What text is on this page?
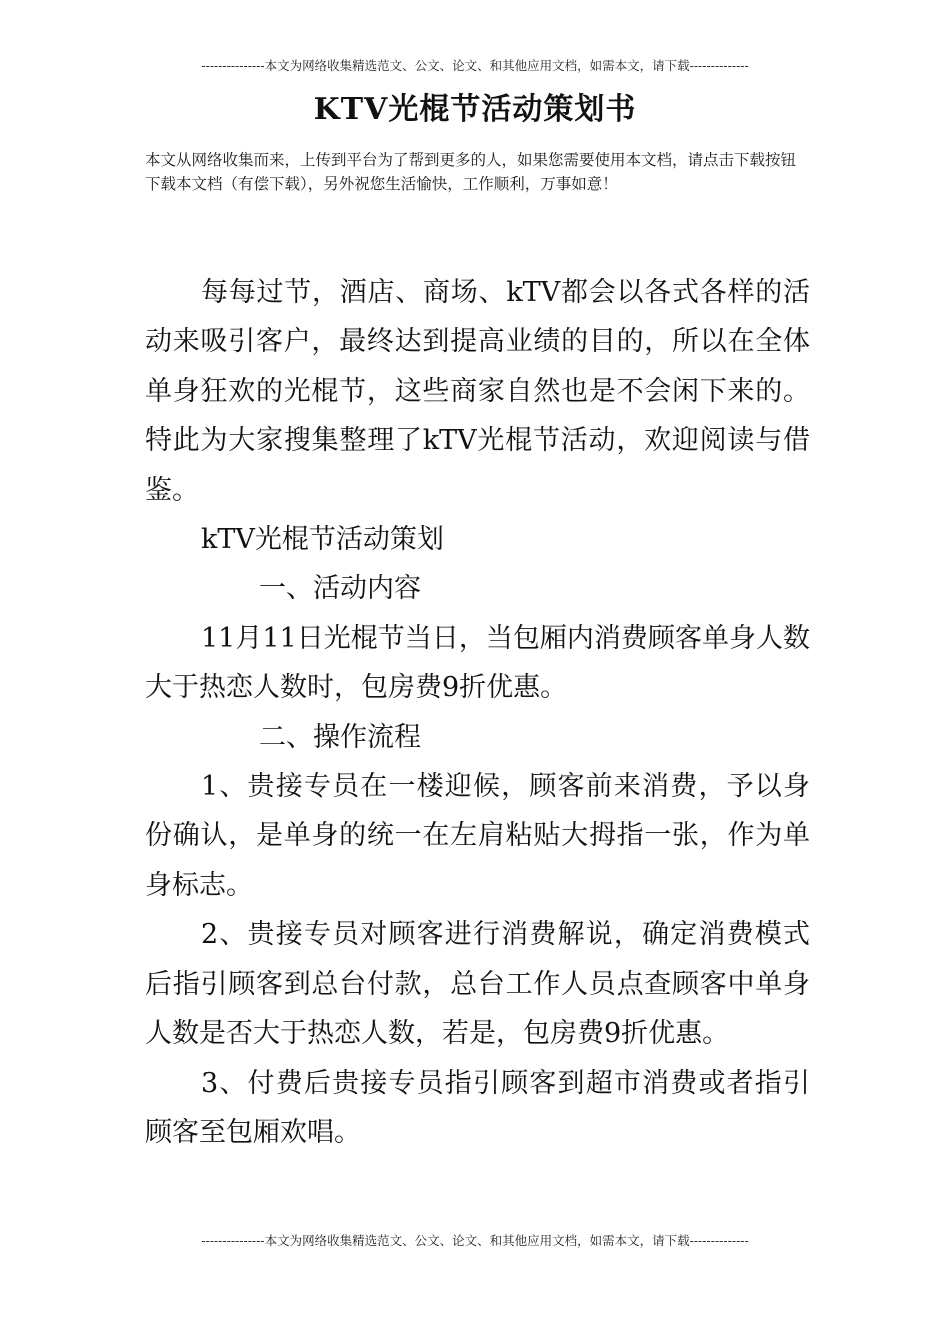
---------------本文为网络收集精选范文、公文、论文、和其他应用文档，如需本文，请下载--------------
KTV光棍节活动策划书
本文从网络收集而来，上传到平台为了帮到更多的人，如果您需要使用本文档，请点击下载按钮下载本文档（有偿下载），另外祝您生活愉快，工作顺利，万事如意！

每每过节，酒店、商场、kTV都会以各式各样的活动来吸引客户，最终达到提高业绩的目的，所以在全体单身狂欢的光棍节，这些商家自然也是不会闲下来的。特此为大家搜集整理了kTV光棍节活动，欢迎阅读与借鉴。

kTV光棍节活动策划

一、活动内容

11月11日光棍节当日，当包厢内消费顾客单身人数大于热恋人数时，包房费9折优惠。

二、操作流程

1、贵接专员在一楼迎候，顾客前来消费，予以身份确认，是单身的统一在左肩粘贴大拇指一张，作为单身标志。

2、贵接专员对顾客进行消费解说，确定消费模式后指引顾客到总台付款，总台工作人员点查顾客中单身人数是否大于热恋人数，若是，包房费9折优惠。

3、付费后贵接专员指引顾客到超市消费或者指引顾客至包厢欢唱。

---------------本文为网络收集精选范文、公文、论文、和其他应用文档，如需本文，请下载--------------
